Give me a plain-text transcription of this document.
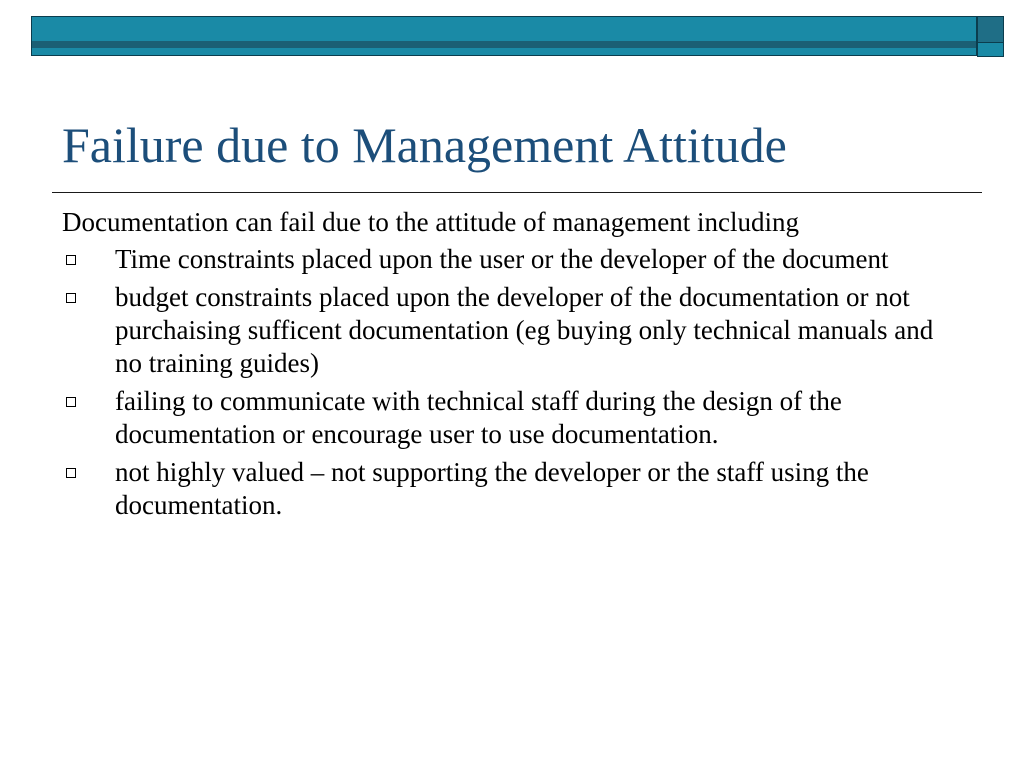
Failure due to Management Attitude

Documentation can fail due to the attitude of management including

Time constraints placed upon the user or the developer of the document
budget constraints placed upon the developer of the documentation or not purchaising sufficent documentation (eg buying only technical manuals and no training guides)
failing to communicate with technical staff during the design of the documentation or encourage user to use documentation.
not highly valued – not supporting the developer or the staff using the documentation.
